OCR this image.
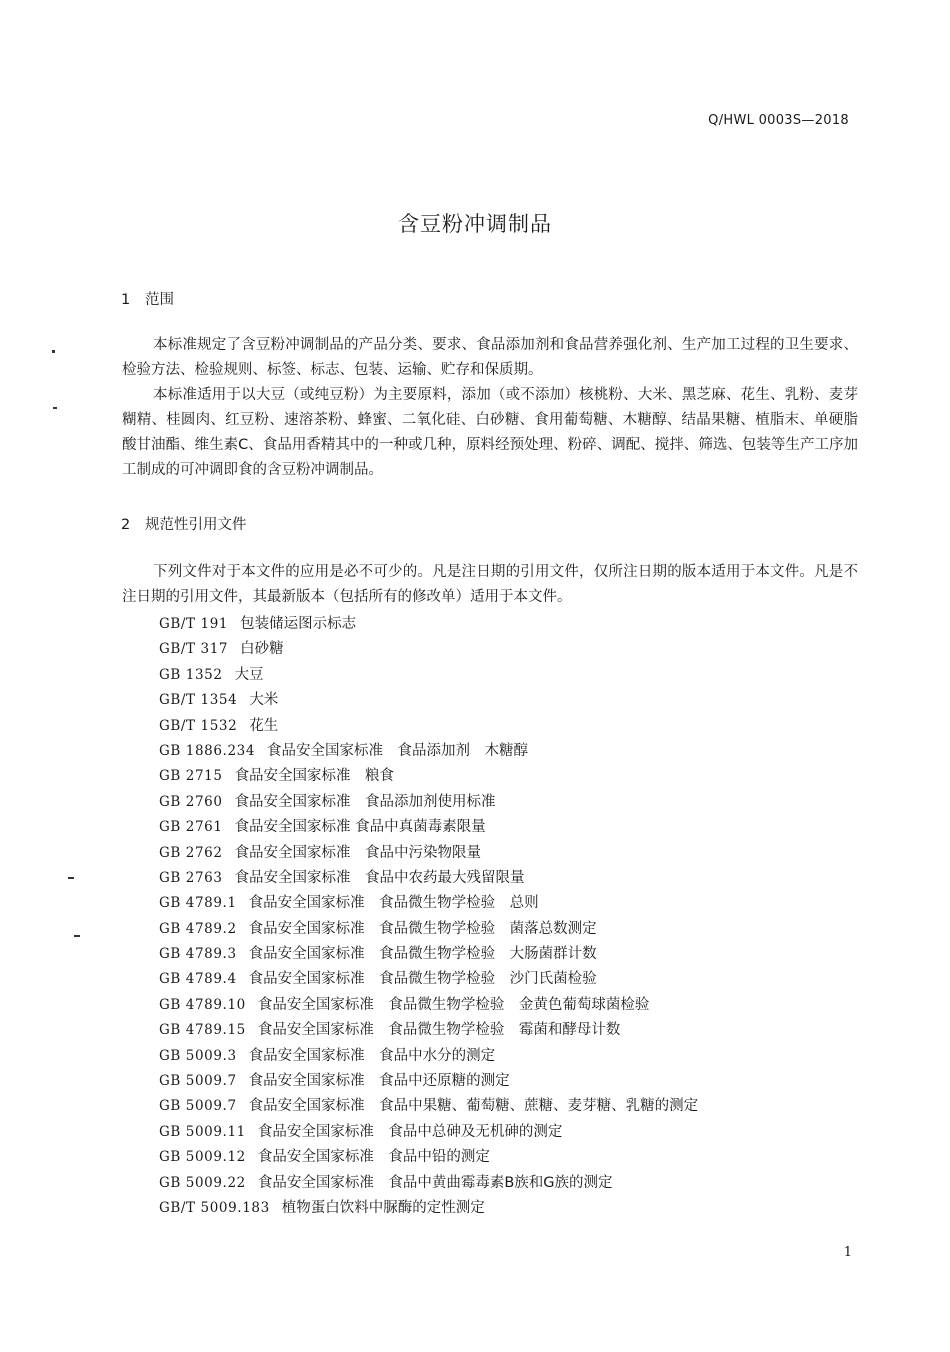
Q/HWL 0003S—2018
含豆粉冲调制品
1 范围

本标准规定了含豆粉冲调制品的产品分类、要求、食品添加剂和食品营养强化剂、生产加工过程的卫生要求、检验方法、检验规则、标签、标志、包装、运输、贮存和保质期。

本标准适用于以大豆（或纯豆粉）为主要原料，添加（或不添加）核桃粉、大米、黑芝麻、花生、乳粉、麦芽糊精、桂圆肉、红豆粉、速溶茶粉、蜂蜜、二氧化硅、白砂糖、食用葡萄糖、木糖醇、结晶果糖、植脂末、单硬脂酸甘油酯、维生素C、食品用香精其中的一种或几种，原料经预处理、粉碎、调配、搅拌、筛选、包装等生产工序加工制成的可冲调即食的含豆粉冲调制品。

2 规范性引用文件

下列文件对于本文件的应用是必不可少的。凡是注日期的引用文件，仅所注日期的版本适用于本文件。凡是不注日期的引用文件，其最新版本（包括所有的修改单）适用于本文件。

GB/T 191 包装储运图示标志
GB/T 317 白砂糖
GB 1352 大豆
GB/T 1354 大米
GB/T 1532 花生
GB 1886.234 食品安全国家标准　食品添加剂　木糖醇
GB 2715 食品安全国家标准　粮食
GB 2760 食品安全国家标准　食品添加剂使用标准
GB 2761 食品安全国家标准 食品中真菌毒素限量
GB 2762 食品安全国家标准　食品中污染物限量
GB 2763 食品安全国家标准　食品中农药最大残留限量
GB 4789.1 食品安全国家标准　食品微生物学检验　总则
GB 4789.2 食品安全国家标准　食品微生物学检验　菌落总数测定
GB 4789.3 食品安全国家标准　食品微生物学检验　大肠菌群计数
GB 4789.4 食品安全国家标准　食品微生物学检验　沙门氏菌检验
GB 4789.10 食品安全国家标准　食品微生物学检验　金黄色葡萄球菌检验
GB 4789.15 食品安全国家标准　食品微生物学检验　霉菌和酵母计数
GB 5009.3 食品安全国家标准　食品中水分的测定
GB 5009.7 食品安全国家标准　食品中还原糖的测定
GB 5009.7 食品安全国家标准　食品中果糖、葡萄糖、蔗糖、麦芽糖、乳糖的测定
GB 5009.11 食品安全国家标准　食品中总砷及无机砷的测定
GB 5009.12 食品安全国家标准　食品中铅的测定
GB 5009.22 食品安全国家标准　食品中黄曲霉毒素B族和G族的测定
GB/T 5009.183 植物蛋白饮料中脲酶的定性测定
1
